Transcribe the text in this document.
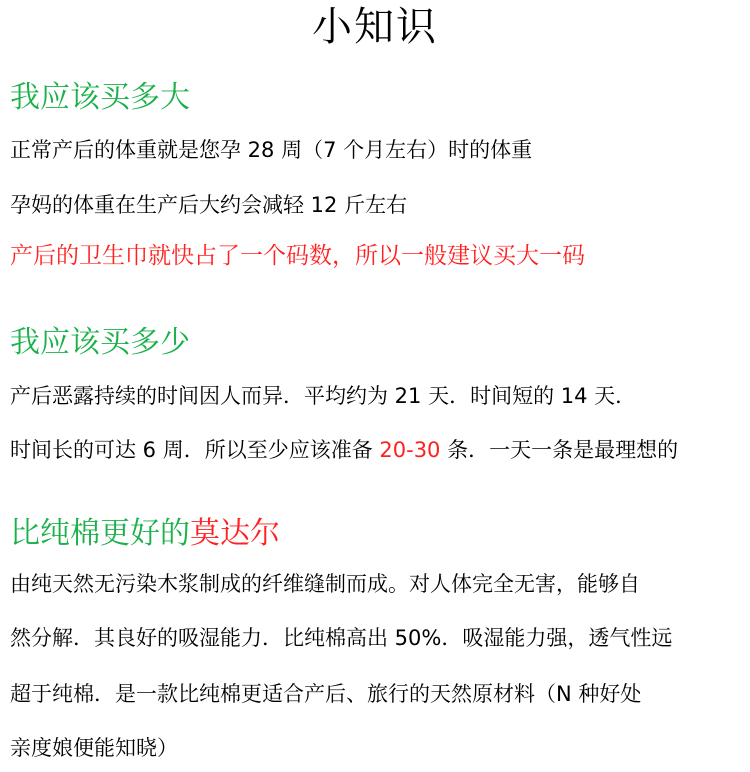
小知识
我应该买多大
正常产后的体重就是您孕 28 周（7 个月左右）时的体重
孕妈的体重在生产后大约会减轻 12 斤左右
产后的卫生巾就快占了一个码数，所以一般建议买大一码
我应该买多少
产后恶露持续的时间因人而异．平均约为 21 天．时间短的 14 天．
时间长的可达 6 周．所以至少应该准备 20-30 条．一天一条是最理想的
比纯棉更好的莫达尔
由纯天然无污染木浆制成的纤维缝制而成。对人体完全无害，能够自
然分解．其良好的吸湿能力．比纯棉高出 50%．吸湿能力强，透气性远
超于纯棉．是一款比纯棉更适合产后、旅行的天然原材料（N 种好处
亲度娘便能知晓）
